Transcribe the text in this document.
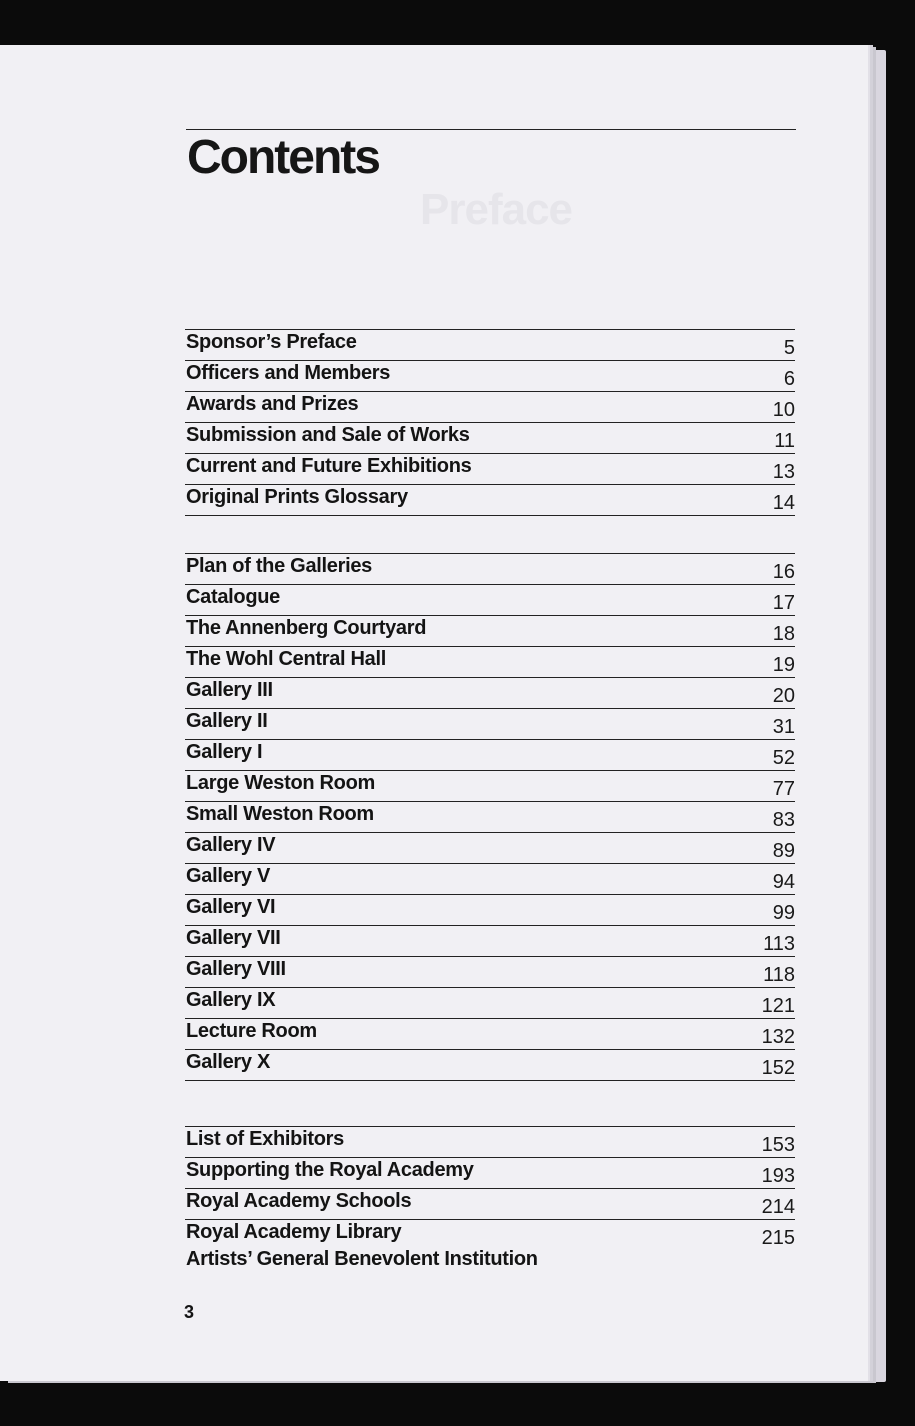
Preface
Contents
Sponsor’s Preface	5
Officers and Members	6
Awards and Prizes	10
Submission and Sale of Works	11
Current and Future Exhibitions	13
Original Prints Glossary	14
Plan of the Galleries	16
Catalogue	17
The Annenberg Courtyard	18
The Wohl Central Hall	19
Gallery III	20
Gallery II	31
Gallery I	52
Large Weston Room	77
Small Weston Room	83
Gallery IV	89
Gallery V	94
Gallery VI	99
Gallery VII	113
Gallery VIII	118
Gallery IX	121
Lecture Room	132
Gallery X	152
List of Exhibitors	153
Supporting the Royal Academy	193
Royal Academy Schools	214
Royal Academy Library	215
Artists’ General Benevolent Institution
3
